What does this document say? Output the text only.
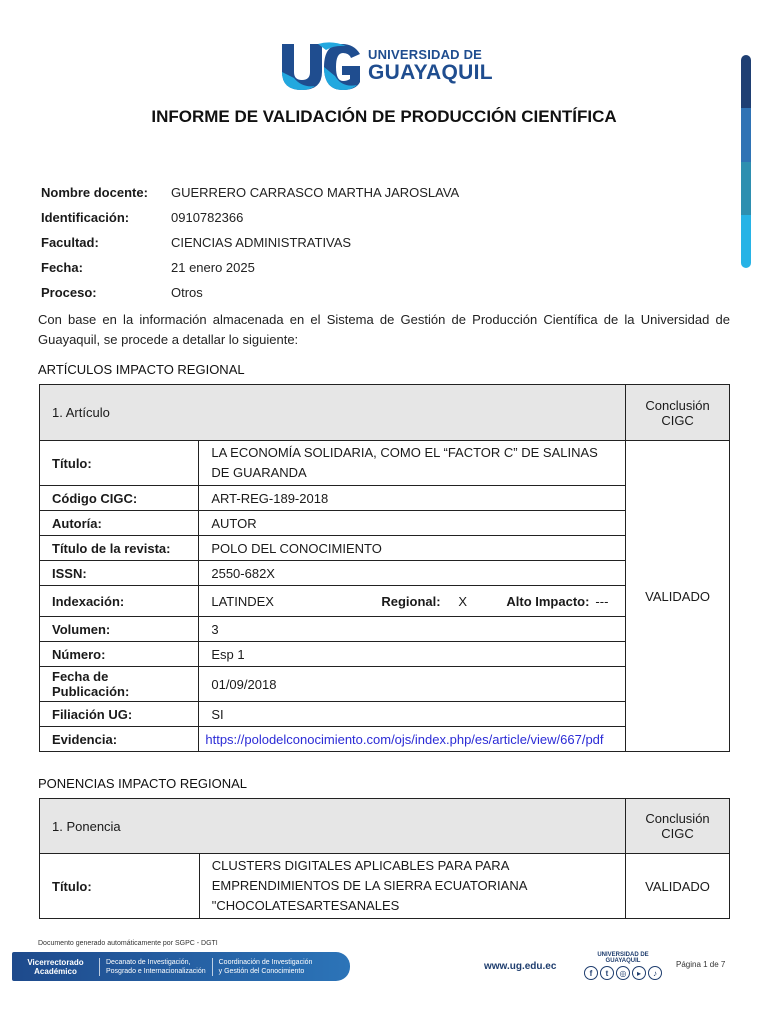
UNIVERSIDAD DE
GUAYAQUIL
INFORME DE VALIDACIÓN DE PRODUCCIÓN CIENTÍFICA
Nombre docente: GUERRERO CARRASCO MARTHA JAROSLAVA
Identificación:	0910782366
Facultad:	CIENCIAS ADMINISTRATIVAS
Fecha:	21 enero 2025
Proceso:	Otros

Con base en la información almacenada en el Sistema de Gestión de Producción Científica de la Universidad de Guayaquil, se procede a detallar lo siguiente:

ARTÍCULOS IMPACTO REGIONAL
1. Artículo		Conclusión
CIGC
Título:	LA ECONOMÍA SOLIDARIA, COMO EL “FACTOR C” DE SALINAS DE GUARANDA	VALIDADO
Código CIGC:	ART-REG-189-2018	
Autoría:	AUTOR	
Título de la revista:	POLO DEL CONOCIMIENTO	
ISSN:	2550-682X	
Indexación:	LATINDEX Regional: X Alto Impacto: ---	

Volumen:	3	
Número:	Esp 1	
Fecha de Publicación:	01/09/2018	
Filiación UG:	SI	
Evidencia:	https://polodelconocimiento.com/ojs/index.php/es/article/view/667/pdf	
PONENCIAS IMPACTO REGIONAL
1. Ponencia		Conclusión
CIGC
Título:	CLUSTERS DIGITALES APLICABLES PARA PARA EMPRENDIMIENTOS DE LA SIERRA ECUATORIANA "CHOCOLATESARTESANALES	VALIDADO
Documento generado automáticamente por SGPC - DGTI
Vicerrectorado
Académico
Decanato de Investigación,
Posgrado e Internacionalización
Coordinación de Investigación
y Gestión del Conocimiento	www.ug.edu.ec
UNIVERSIDAD DE GUAYAQUIL
f	t	◎	▸	♪
Página 1 de 7
